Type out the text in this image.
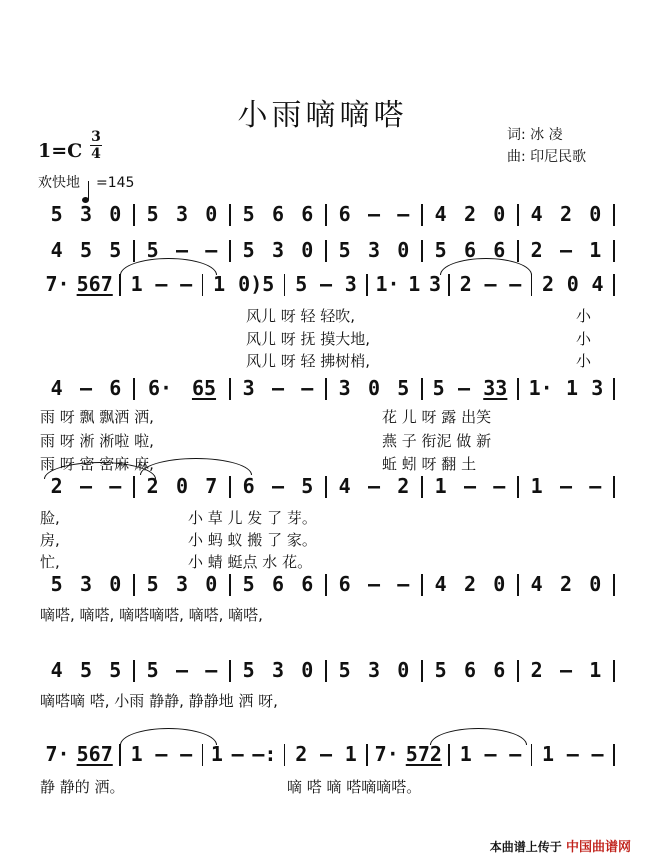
小雨嘀嘀嗒
词: 冰 凌
曲: 印尼民歌
1=C
3
4
欢快地 =145
5 3 0 5 3 0 5 6 6 6 – – 4 2 0 4 2 0
4 5 5 5 – – 5 3 0 5 3 0 5 6 6 2 – 1
7· 567 1 – – 1 0)5 5 – 3 1· 1 3 2 – – 2 0 4
4 – 6 6· 65 3 – – 3 0 5 5 – 33 1· 1 3
2 – – 2 0 7 6 – 5 4 – 2 1 – – 1 – –
5 3 0 5 3 0 5 6 6 6 – – 4 2 0 4 2 0
4 5 5 5 – – 5 3 0 5 3 0 5 6 6 2 – 1
7· 567 1 – – 1 – –: 2 – 1 7· 572 1 – – 1 – –
风儿 呀 轻 轻吹,
风儿 呀 抚 摸大地,
风儿 呀 轻 拂树梢,
小
小
小
雨 呀 飘 飘洒 洒,
雨 呀 淅 淅啦 啦,
雨 呀 密 密麻 麻,
花 儿 呀 露 出笑
燕 子 衔泥 做 新
蚯 蚓 呀 翻 土
脸,
房,
忙,
小 草 儿 发 了 芽。
小 蚂 蚁 搬 了 家。
小 蜻 蜓点 水 花。
嘀嗒, 嘀嗒, 嘀嗒嘀嗒, 嘀嗒, 嘀嗒,
嘀嗒嘀 嗒, 小雨 静静, 静静地 洒 呀,
静 静的 洒。	嘀 嗒 嘀 嗒嘀嘀嗒。
本曲谱上传于 中国曲谱网
